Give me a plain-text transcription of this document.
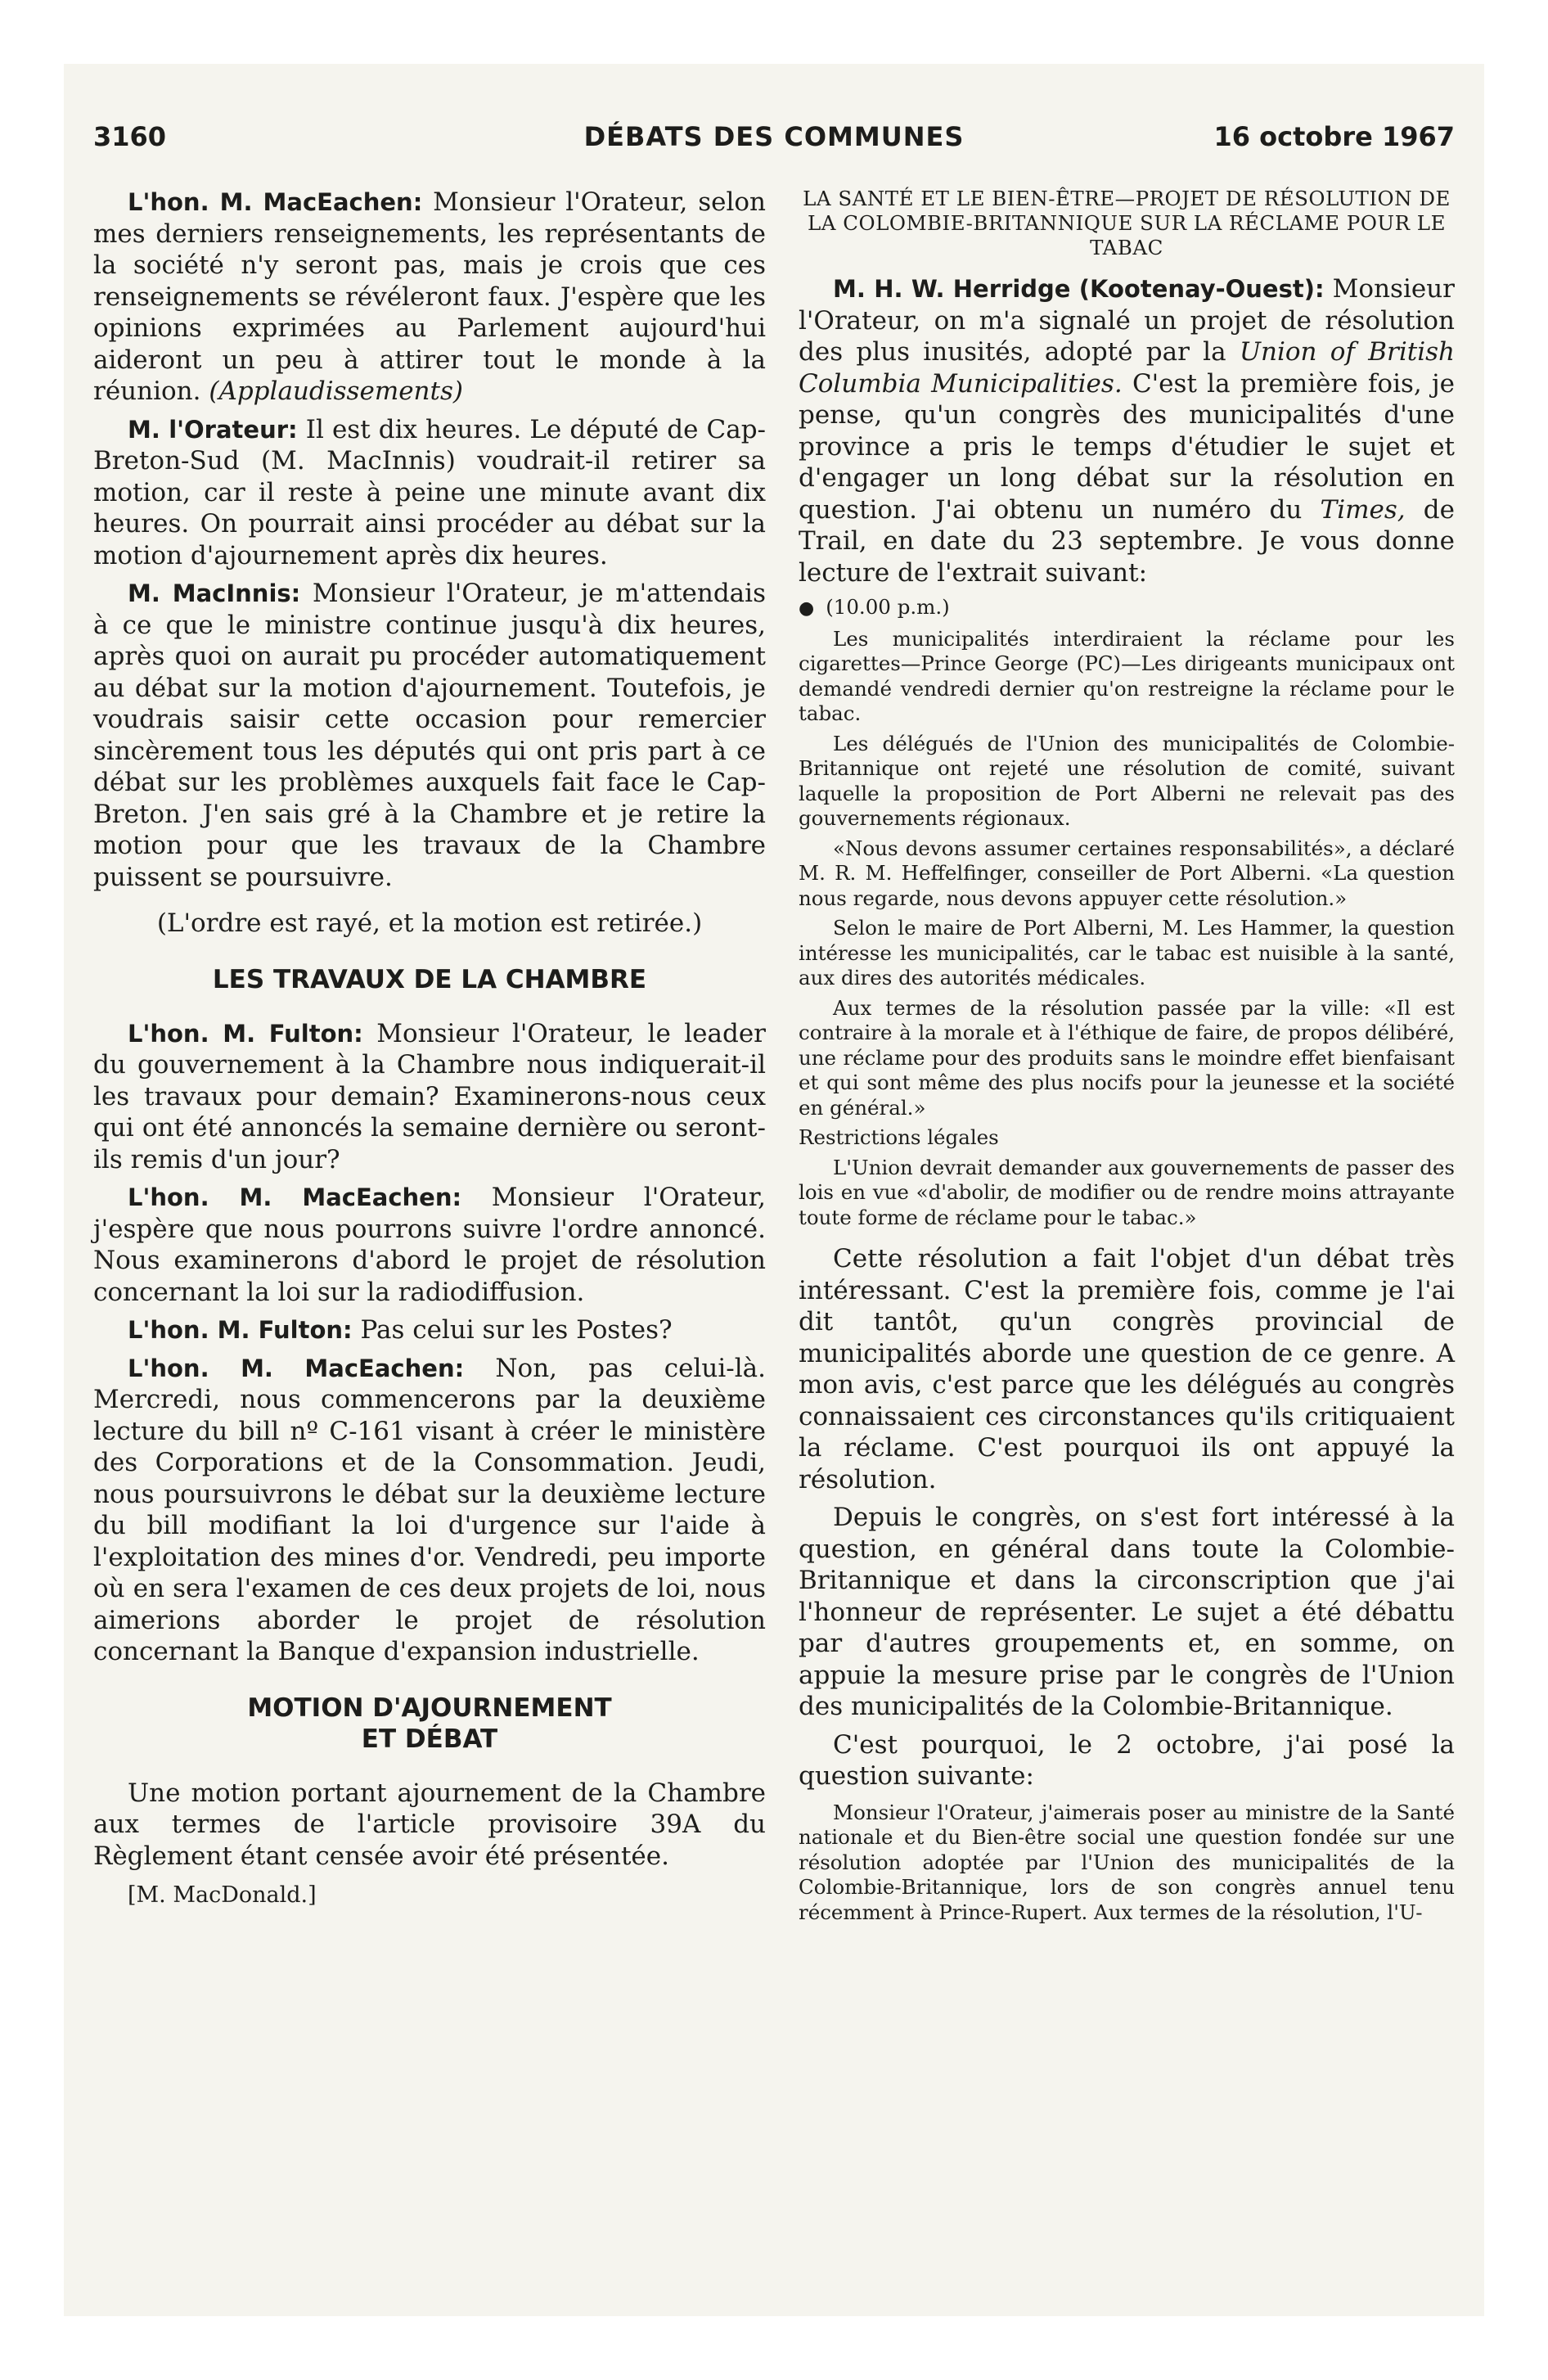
3160	DÉBATS DES COMMUNES	16 octobre 1967

L'hon. M. MacEachen: Monsieur l'Orateur, selon mes derniers renseignements, les représentants de la société n'y seront pas, mais je crois que ces renseignements se révéleront faux. J'espère que les opinions exprimées au Parlement aujourd'hui aideront un peu à attirer tout le monde à la réunion. (Applaudissements)

M. l'Orateur: Il est dix heures. Le député de Cap-Breton-Sud (M. MacInnis) voudrait-il retirer sa motion, car il reste à peine une minute avant dix heures. On pourrait ainsi procéder au débat sur la motion d'ajournement après dix heures.

M. MacInnis: Monsieur l'Orateur, je m'attendais à ce que le ministre continue jusqu'à dix heures, après quoi on aurait pu procéder automatiquement au débat sur la motion d'ajournement. Toutefois, je voudrais saisir cette occasion pour remercier sincèrement tous les députés qui ont pris part à ce débat sur les problèmes auxquels fait face le Cap-Breton. J'en sais gré à la Chambre et je retire la motion pour que les travaux de la Chambre puissent se poursuivre.

(L'ordre est rayé, et la motion est retirée.)

LES TRAVAUX DE LA CHAMBRE

L'hon. M. Fulton: Monsieur l'Orateur, le leader du gouvernement à la Chambre nous indiquerait-il les travaux pour demain? Examinerons-nous ceux qui ont été annoncés la semaine dernière ou seront-ils remis d'un jour?

L'hon. M. MacEachen: Monsieur l'Orateur, j'espère que nous pourrons suivre l'ordre annoncé. Nous examinerons d'abord le projet de résolution concernant la loi sur la radiodiffusion.

L'hon. M. Fulton: Pas celui sur les Postes?

L'hon. M. MacEachen: Non, pas celui-là. Mercredi, nous commencerons par la deuxième lecture du bill nº C-161 visant à créer le ministère des Corporations et de la Consommation. Jeudi, nous poursuivrons le débat sur la deuxième lecture du bill modifiant la loi d'urgence sur l'aide à l'exploitation des mines d'or. Vendredi, peu importe où en sera l'examen de ces deux projets de loi, nous aimerions aborder le projet de résolution concernant la Banque d'expansion industrielle.

MOTION D'AJOURNEMENT
ET DÉBAT

Une motion portant ajournement de la Chambre aux termes de l'article provisoire 39A du Règlement étant censée avoir été présentée.

[M. MacDonald.]

LA SANTÉ ET LE BIEN-ÊTRE—PROJET DE RÉSOLUTION DE LA COLOMBIE-BRITANNIQUE SUR LA RÉCLAME POUR LE TABAC

M. H. W. Herridge (Kootenay-Ouest): Monsieur l'Orateur, on m'a signalé un projet de résolution des plus inusités, adopté par la Union of British Columbia Municipalities. C'est la première fois, je pense, qu'un congrès des municipalités d'une province a pris le temps d'étudier le sujet et d'engager un long débat sur la résolution en question. J'ai obtenu un numéro du Times, de Trail, en date du 23 septembre. Je vous donne lecture de l'extrait suivant:

● (10.00 p.m.)

Les municipalités interdiraient la réclame pour les cigarettes—Prince George (PC)—Les dirigeants municipaux ont demandé vendredi dernier qu'on restreigne la réclame pour le tabac.

Les délégués de l'Union des municipalités de Colombie-Britannique ont rejeté une résolution de comité, suivant laquelle la proposition de Port Alberni ne relevait pas des gouvernements régionaux.

«Nous devons assumer certaines responsabilités», a déclaré M. R. M. Heffelfinger, conseiller de Port Alberni. «La question nous regarde, nous devons appuyer cette résolution.»

Selon le maire de Port Alberni, M. Les Hammer, la question intéresse les municipalités, car le tabac est nuisible à la santé, aux dires des autorités médicales.

Aux termes de la résolution passée par la ville: «Il est contraire à la morale et à l'éthique de faire, de propos délibéré, une réclame pour des produits sans le moindre effet bienfaisant et qui sont même des plus nocifs pour la jeunesse et la société en général.»

Restrictions légales

L'Union devrait demander aux gouvernements de passer des lois en vue «d'abolir, de modifier ou de rendre moins attrayante toute forme de réclame pour le tabac.»

Cette résolution a fait l'objet d'un débat très intéressant. C'est la première fois, comme je l'ai dit tantôt, qu'un congrès provincial de municipalités aborde une question de ce genre. A mon avis, c'est parce que les délégués au congrès connaissaient ces circonstances qu'ils critiquaient la réclame. C'est pourquoi ils ont appuyé la résolution.

Depuis le congrès, on s'est fort intéressé à la question, en général dans toute la Colombie-Britannique et dans la circonscription que j'ai l'honneur de représenter. Le sujet a été débattu par d'autres groupements et, en somme, on appuie la mesure prise par le congrès de l'Union des municipalités de la Colombie-Britannique.

C'est pourquoi, le 2 octobre, j'ai posé la question suivante:

Monsieur l'Orateur, j'aimerais poser au ministre de la Santé nationale et du Bien-être social une question fondée sur une résolution adoptée par l'Union des municipalités de la Colombie-Britannique, lors de son congrès annuel tenu récemment à Prince-Rupert. Aux termes de la résolution, l'U-
